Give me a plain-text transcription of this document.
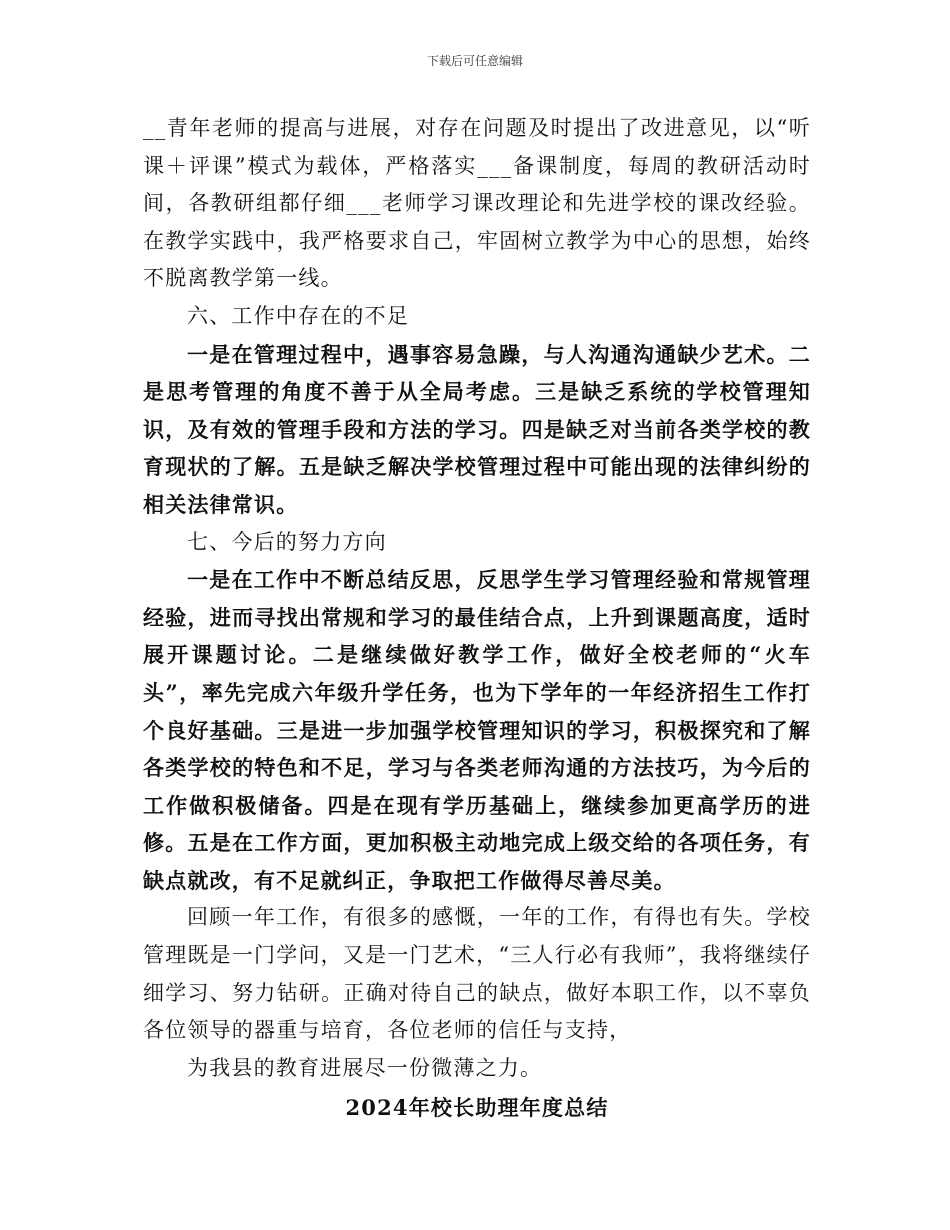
下载后可任意编辑

__青年老师的提高与进展，对存在问题及时提出了改进意见，以“听课＋评课”模式为载体，严格落实___备课制度，每周的教研活动时间，各教研组都仔细___老师学习课改理论和先进学校的课改经验。在教学实践中，我严格要求自己，牢固树立教学为中心的思想，始终不脱离教学第一线。

六、工作中存在的不足

一是在管理过程中，遇事容易急躁，与人沟通沟通缺少艺术。二是思考管理的角度不善于从全局考虑。三是缺乏系统的学校管理知识，及有效的管理手段和方法的学习。四是缺乏对当前各类学校的教育现状的了解。五是缺乏解决学校管理过程中可能出现的法律纠纷的相关法律常识。

七、今后的努力方向

一是在工作中不断总结反思，反思学生学习管理经验和常规管理经验，进而寻找出常规和学习的最佳结合点，上升到课题高度，适时展开课题讨论。二是继续做好教学工作，做好全校老师的“火车头”，率先完成六年级升学任务，也为下学年的一年经济招生工作打个良好基础。三是进一步加强学校管理知识的学习，积极探究和了解各类学校的特色和不足，学习与各类老师沟通的方法技巧，为今后的工作做积极储备。四是在现有学历基础上，继续参加更高学历的进修。五是在工作方面，更加积极主动地完成上级交给的各项任务，有缺点就改，有不足就纠正，争取把工作做得尽善尽美。

回顾一年工作，有很多的感慨，一年的工作，有得也有失。学校管理既是一门学问，又是一门艺术，“三人行必有我师”，我将继续仔细学习、努力钻研。正确对待自己的缺点，做好本职工作，以不辜负各位领导的器重与培育，各位老师的信任与支持，

为我县的教育进展尽一份微薄之力。

2024年校长助理年度总结
